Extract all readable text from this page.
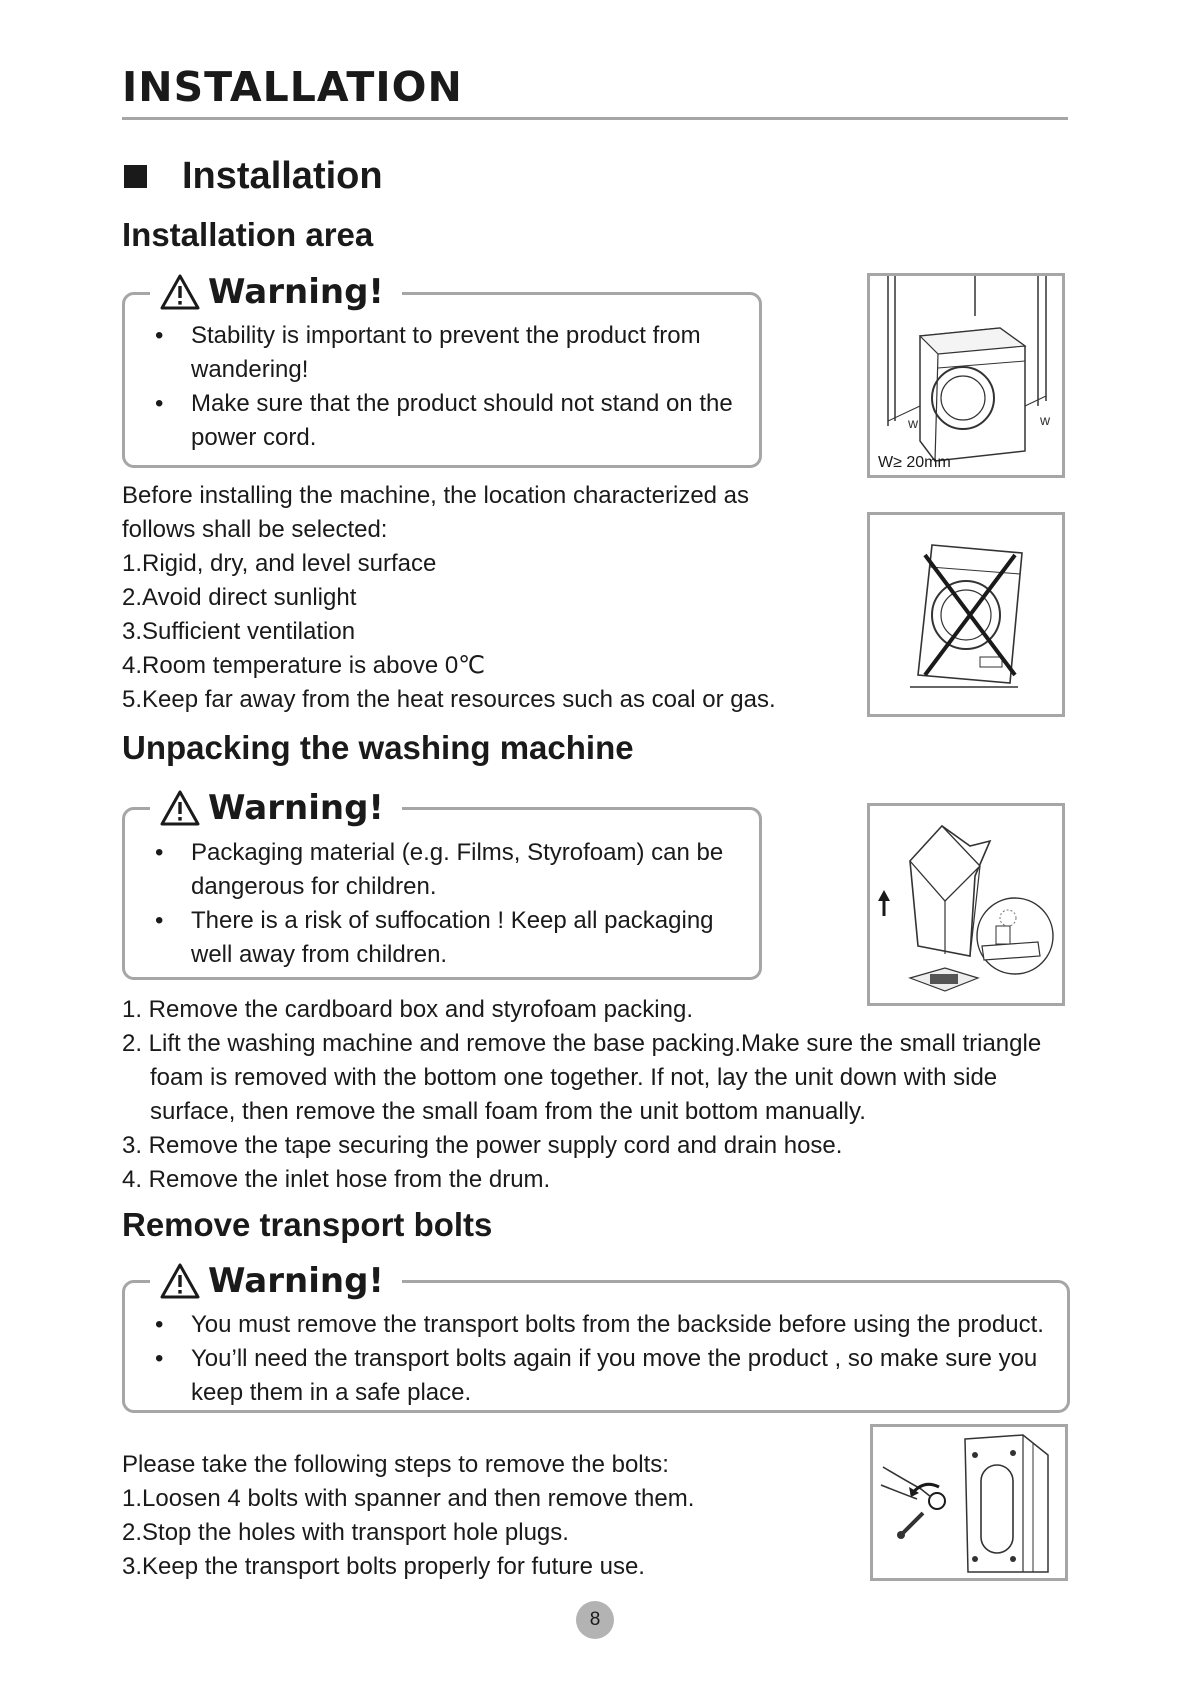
INSTALLATION
Installation
Installation area
Warning!
• Stability is important to prevent the product from wandering!
• Make sure that the product should not stand on the power cord.

Before installing the machine, the location characterized as follows shall be selected:

1.Rigid, dry, and level surface
2.Avoid direct sunlight
3.Sufficient ventilation
4.Room temperature is above 0℃
5.Keep far away from the heat resources such as coal or gas.
w	w
W≥ 20mm
Unpacking the washing machine
Warning!
• Packaging material (e.g. Films, Styrofoam) can be dangerous for children.
• There is a risk of suffocation ! Keep all packaging well away from children.
1. Remove the cardboard box and styrofoam packing.
2. Lift the washing machine and remove the base packing.Make sure the small triangle foam is removed with the bottom one together. If not, lay the unit down with side surface, then remove the small foam from the unit bottom manually.
3. Remove the tape securing the power supply cord and drain hose.
4. Remove the inlet hose from the drum.
Remove transport bolts
Warning!
• You must remove the transport bolts from the backside before using the product.
• You’ll need the transport bolts again if you move the product , so make sure you keep them in a safe place.

Please take the following steps to remove the bolts:

1.Loosen 4 bolts with spanner and then remove them.
2.Stop the holes with transport hole plugs.
3.Keep the transport bolts properly for future use.
8
